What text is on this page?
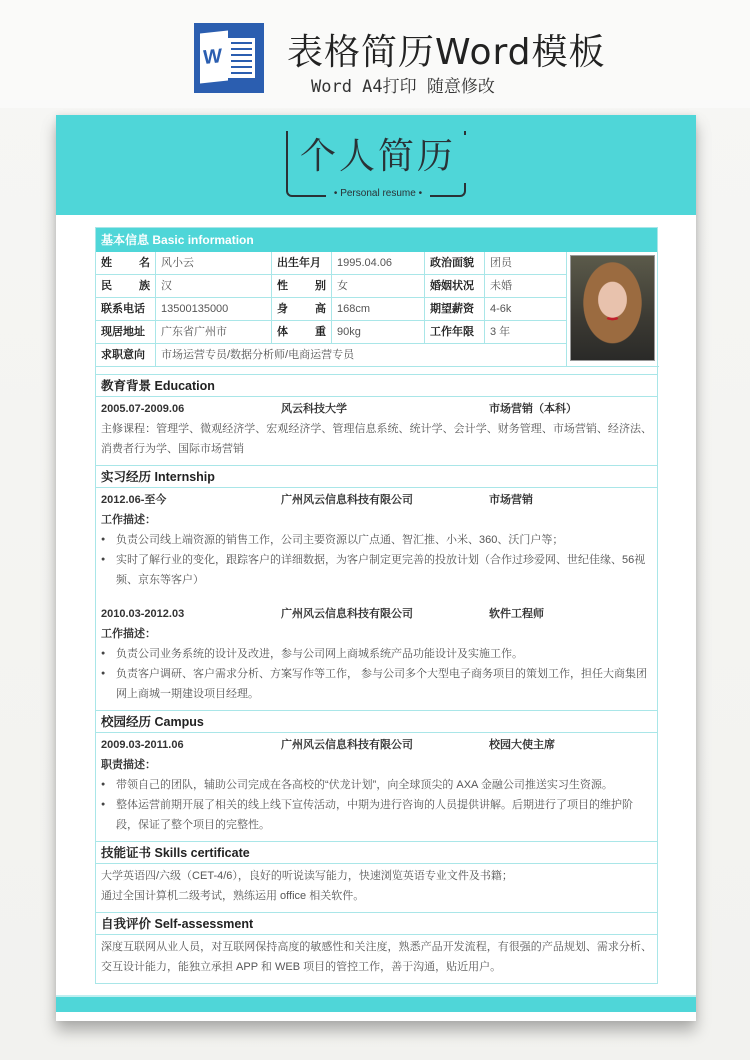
W 表格简历Word模板
Word A4打印 随意修改
个人简历
• Personal resume •
基本信息 Basic information
姓 名	风小云	出生年月	1995.04.06	政治面貌	团员
民 族	汉	性 别	女	婚姻状况	未婚
联系电话	13500135000	身 高	168cm	期望薪资	4-6k
现居地址	广东省广州市	体 重	90kg	工作年限	3 年
求职意向	市场运营专员/数据分析师/电商运营专员
教育背景 Education
2005.07-2009.06	风云科技大学	市场营销（本科）
主修课程：管理学、微观经济学、宏观经济学、管理信息系统、统计学、会计学、财务管理、市场营销、经济法、消费者行为学、国际市场营销
实习经历 Internship
2012.06-至今	广州风云信息科技有限公司	市场营销
工作描述：
● 负责公司线上端资源的销售工作，公司主要资源以广点通、智汇推、小米、360、沃门户等；
● 实时了解行业的变化，跟踪客户的详细数据，为客户制定更完善的投放计划（合作过珍爱网、世纪佳缘、56视频、京东等客户）
2010.03-2012.03	广州风云信息科技有限公司	软件工程师
工作描述：
● 负责公司业务系统的设计及改进，参与公司网上商城系统产品功能设计及实施工作。
● 负责客户调研、客户需求分析、方案写作等工作， 参与公司多个大型电子商务项目的策划工作，担任大商集团网上商城一期建设项目经理。
校园经历 Campus
2009.03-2011.06	广州风云信息科技有限公司	校园大使主席
职责描述：
● 带领自己的团队，辅助公司完成在各高校的“伏龙计划”，向全球顶尖的 AXA 金融公司推送实习生资源。
● 整体运营前期开展了相关的线上线下宣传活动，中期为进行咨询的人员提供讲解。后期进行了项目的维护阶段，保证了整个项目的完整性。
技能证书 Skills certificate
大学英语四/六级（CET-4/6），良好的听说读写能力，快速浏览英语专业文件及书籍；
通过全国计算机二级考试，熟练运用 office 相关软件。
自我评价 Self-assessment
深度互联网从业人员，对互联网保持高度的敏感性和关注度，熟悉产品开发流程，有很强的产品规划、需求分析、交互设计能力，能独立承担 APP 和 WEB 项目的管控工作，善于沟通，贴近用户。
